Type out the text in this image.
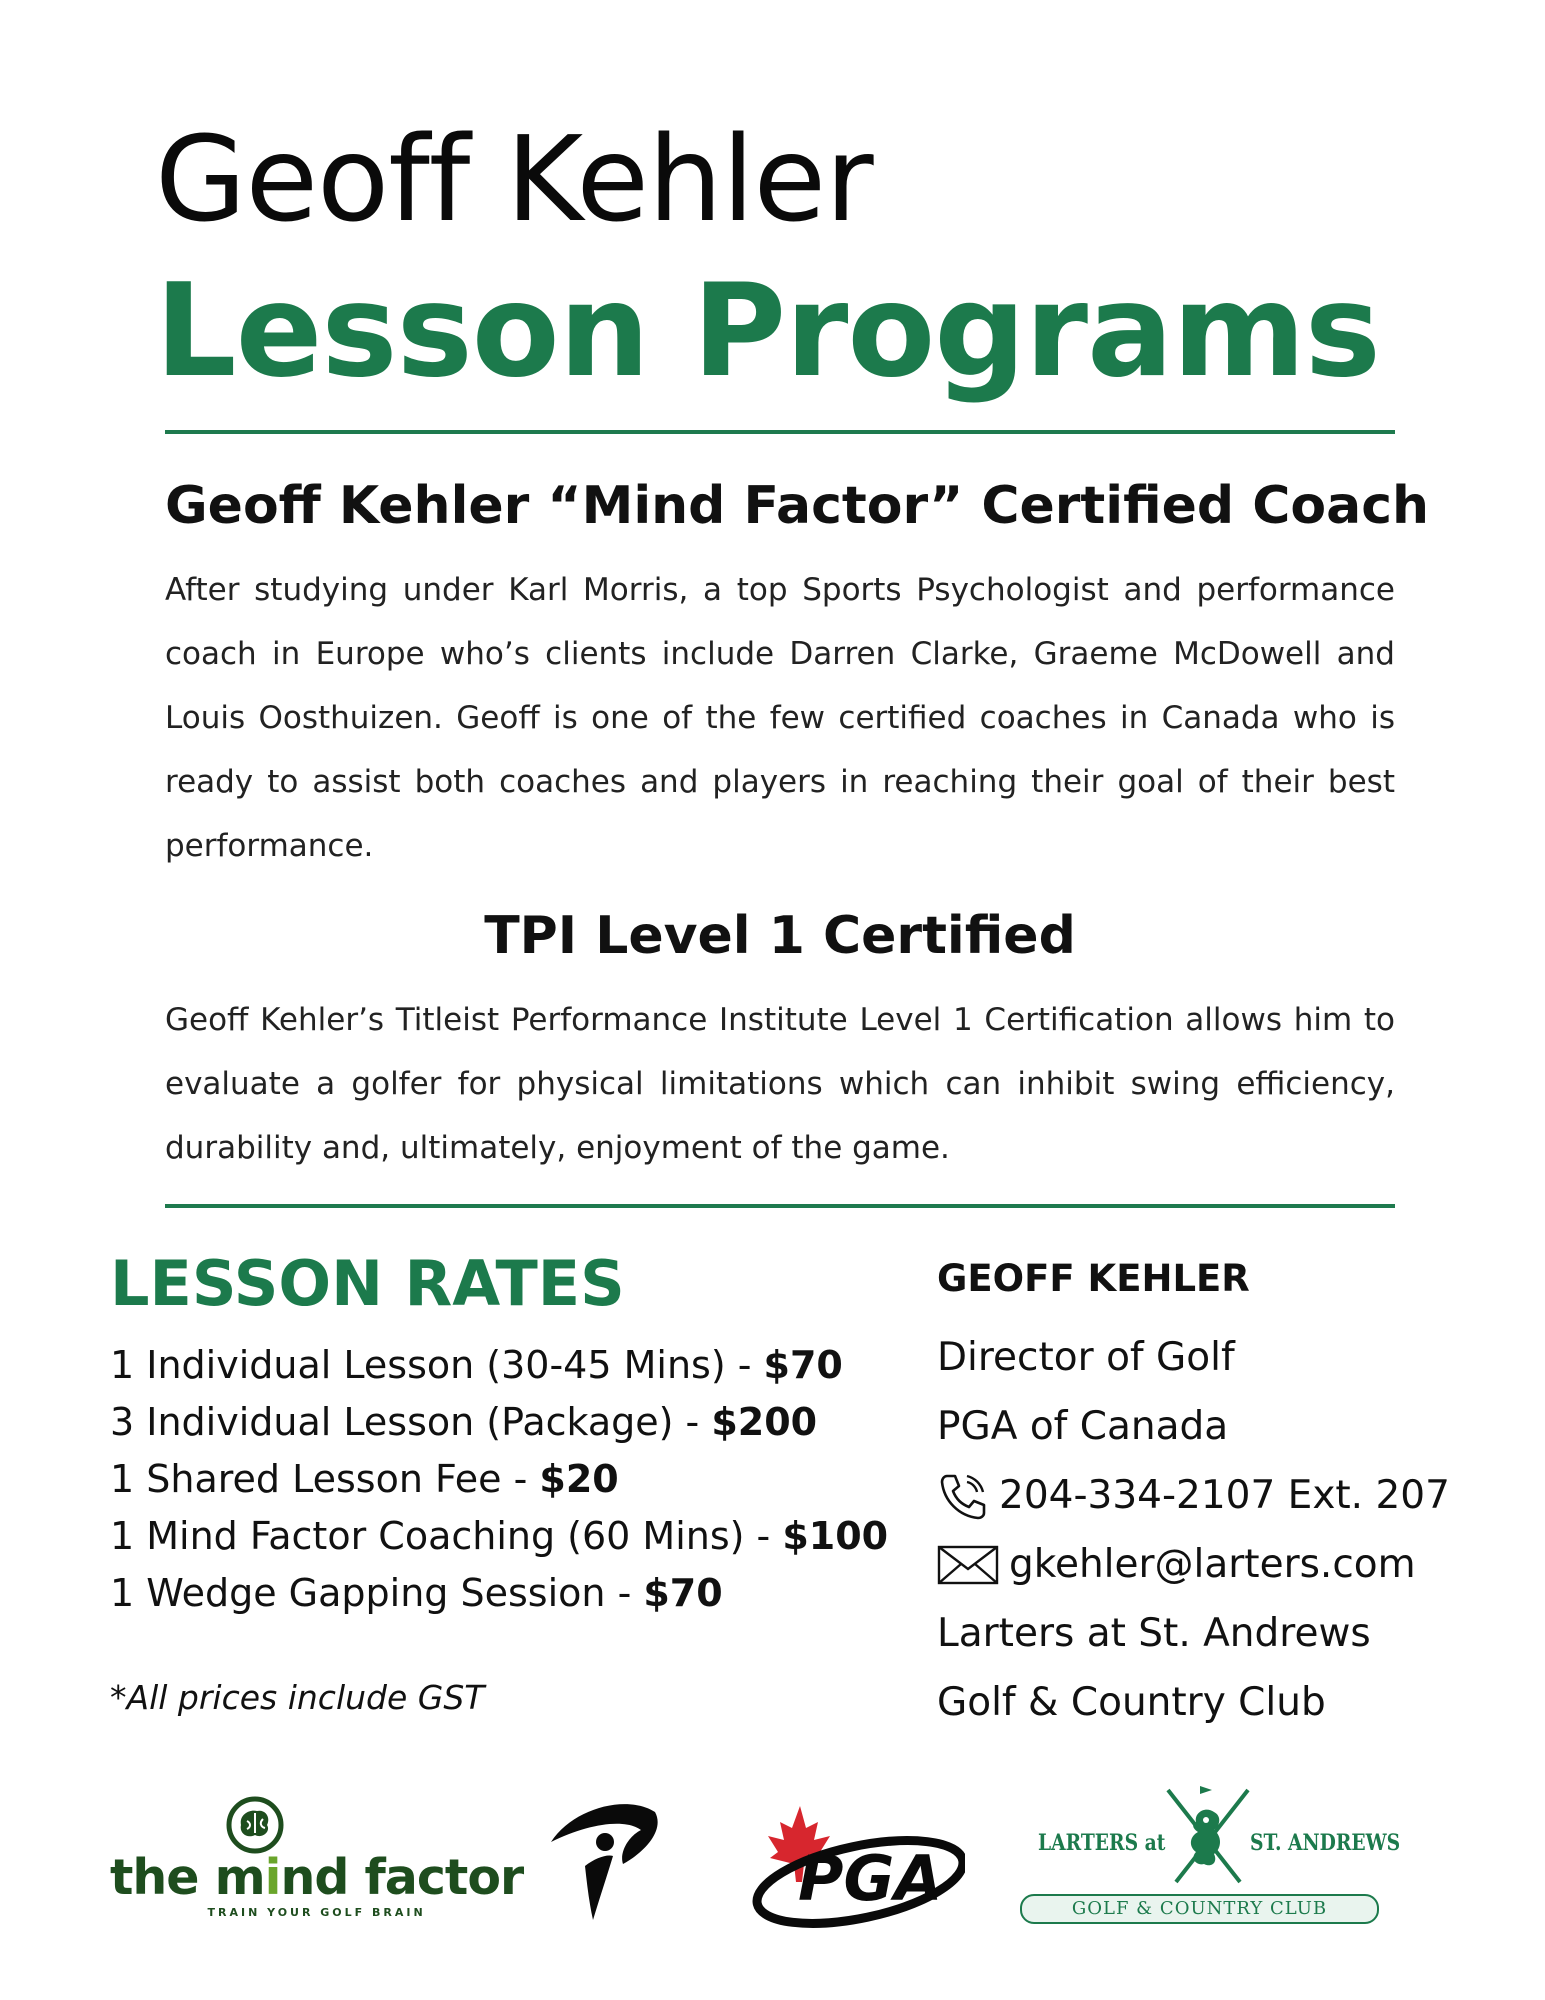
Geoff Kehler
Lesson Programs
Geoff Kehler “Mind Factor” Certified Coach
After studying under Karl Morris, a top Sports Psychologist and performance coach in Europe who’s clients include Darren Clarke, Graeme McDowell and Louis Oosthuizen. Geoff is one of the few certified coaches in Canada who is ready to assist both coaches and players in reaching their goal of their best performance.
TPI Level 1 Certified
Geoff Kehler’s Titleist Performance Institute Level 1 Certification allows him to evaluate a golfer for physical limitations which can inhibit swing efficiency, durability and, ultimately, enjoyment of the game.
LESSON RATES
1 Individual Lesson (30-45 Mins) - $70
3 Individual Lesson (Package) - $200
1 Shared Lesson Fee - $20
1 Mind Factor Coaching (60 Mins) - $100
1 Wedge Gapping Session - $70
*All prices include GST
GEOFF KEHLER
Director of Golf
PGA of Canada
204-334-2107 Ext. 207
gkehler@larters.com
Larters at St. Andrews
Golf & Country Club
the mind factor
TRAIN YOUR GOLF BRAIN	PGA	LARTERS at	ST. ANDREWS
GOLF & COUNTRY CLUB
